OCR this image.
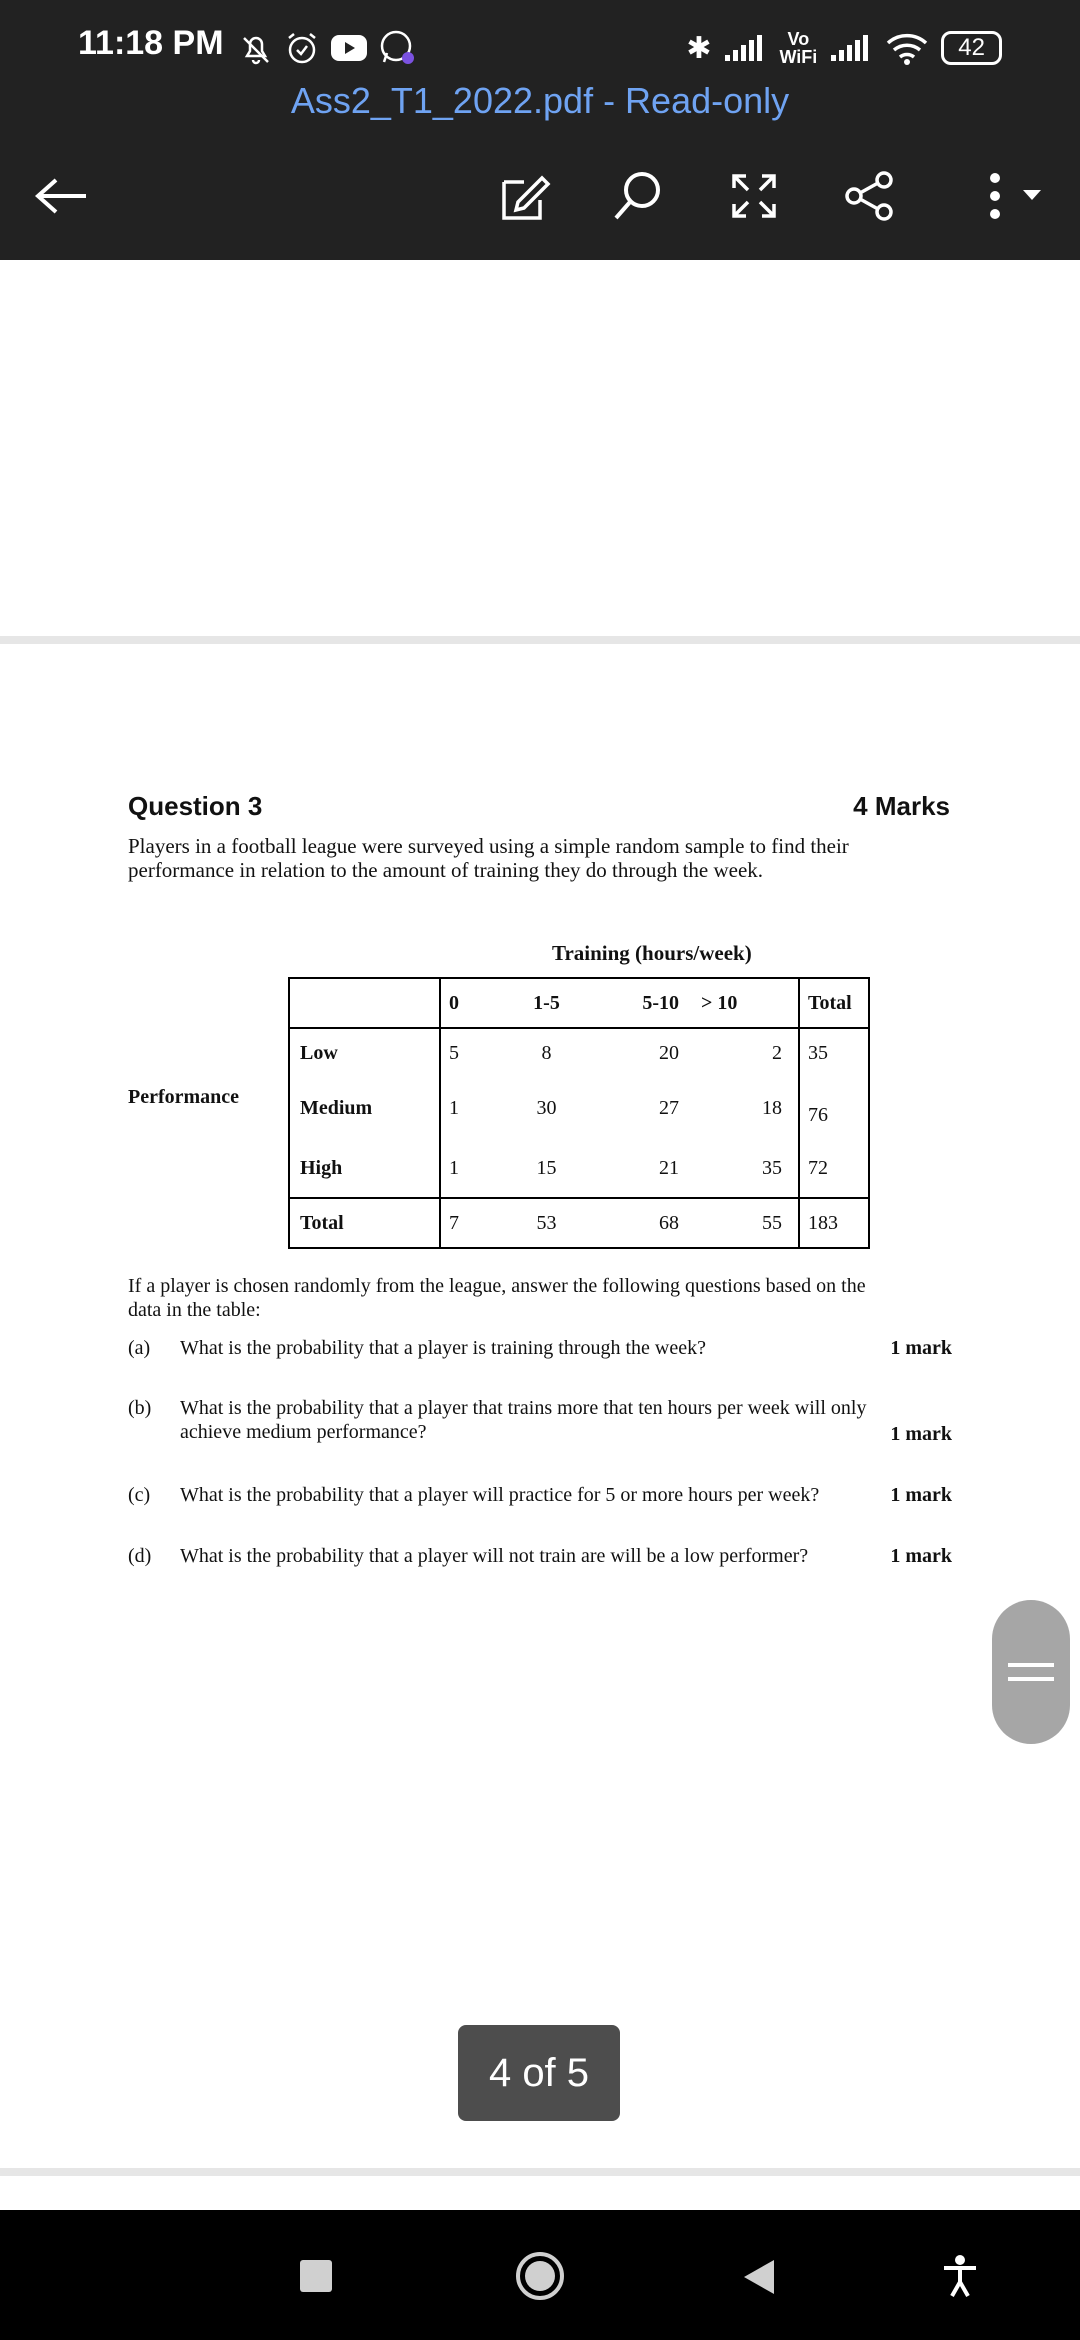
11:18 PM	✱	Vo
WiFi	42
Ass2_T1_2022.pdf - Read-only
Question 3	4 Marks
Players in a football league were surveyed using a simple random sample to find their
performance in relation to the amount of training they do through the week.
Training (hours/week)
Performance
	0	1-5	5-10	> 10	Total
Low	5	8	20	2	35
Medium	1	30	27	18	76
High	1	15	21	35	72
Total	7	53	68	55	183
If a player is chosen randomly from the league, answer the following questions based on the
data in the table:
(a) What is the probability that a player is training through the week?	1 mark
(b) What is the probability that a player that trains more that ten hours per week will only achieve medium performance?	1 mark
(c) What is the probability that a player will practice for 5 or more hours per week?	1 mark
(d) What is the probability that a player will not train are will be a low performer?	1 mark
4 of 5
